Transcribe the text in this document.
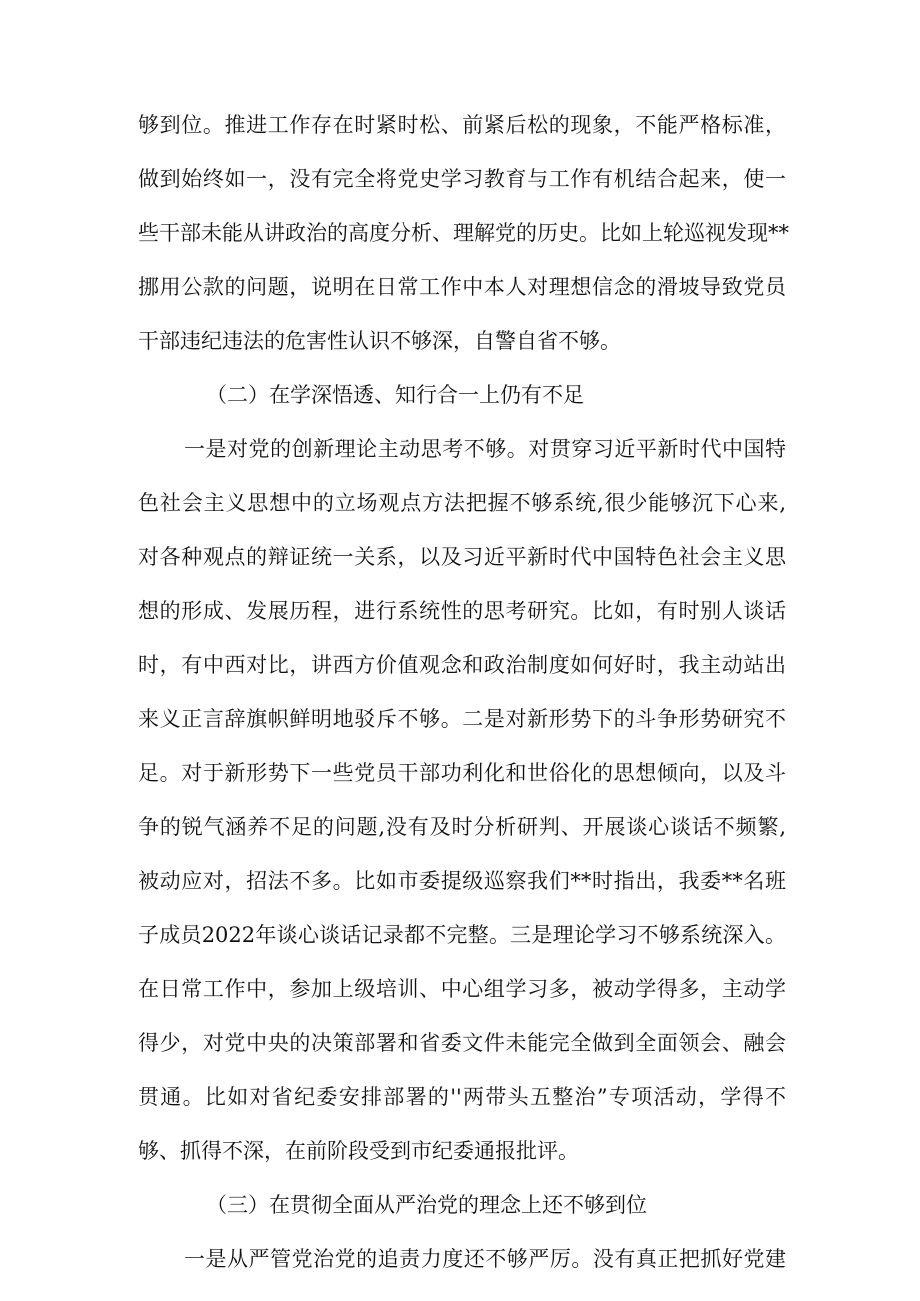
够到位。推进工作存在时紧时松、前紧后松的现象，不能严格标准，
做到始终如一，没有完全将党史学习教育与工作有机结合起来，使一
些干部未能从讲政治的高度分析、理解党的历史。比如上轮巡视发现**
挪用公款的问题，说明在日常工作中本人对理想信念的滑坡导致党员
干部违纪违法的危害性认识不够深，自警自省不够。
（二）在学深悟透、知行合一上仍有不足
一是对党的创新理论主动思考不够。对贯穿习近平新时代中国特
色社会主义思想中的立场观点方法把握不够系统,很少能够沉下心来,
对各种观点的辩证统一关系，以及习近平新时代中国特色社会主义思
想的形成、发展历程，进行系统性的思考研究。比如，有时别人谈话
时，有中西对比，讲西方价值观念和政治制度如何好时，我主动站出
来义正言辞旗帜鲜明地驳斥不够。二是对新形势下的斗争形势研究不
足。对于新形势下一些党员干部功利化和世俗化的思想倾向，以及斗
争的锐气涵养不足的问题,没有及时分析研判、开展谈心谈话不频繁,
被动应对，招法不多。比如市委提级巡察我们**时指出，我委**名班
子成员2022年谈心谈话记录都不完整。三是理论学习不够系统深入。
在日常工作中，参加上级培训、中心组学习多，被动学得多，主动学
得少，对党中央的决策部署和省委文件未能完全做到全面领会、融会
贯通。比如对省纪委安排部署的''两带头五整治”专项活动，学得不
够、抓得不深，在前阶段受到市纪委通报批评。
（三）在贯彻全面从严治党的理念上还不够到位
一是从严管党治党的追责力度还不够严厉。没有真正把抓好党建
